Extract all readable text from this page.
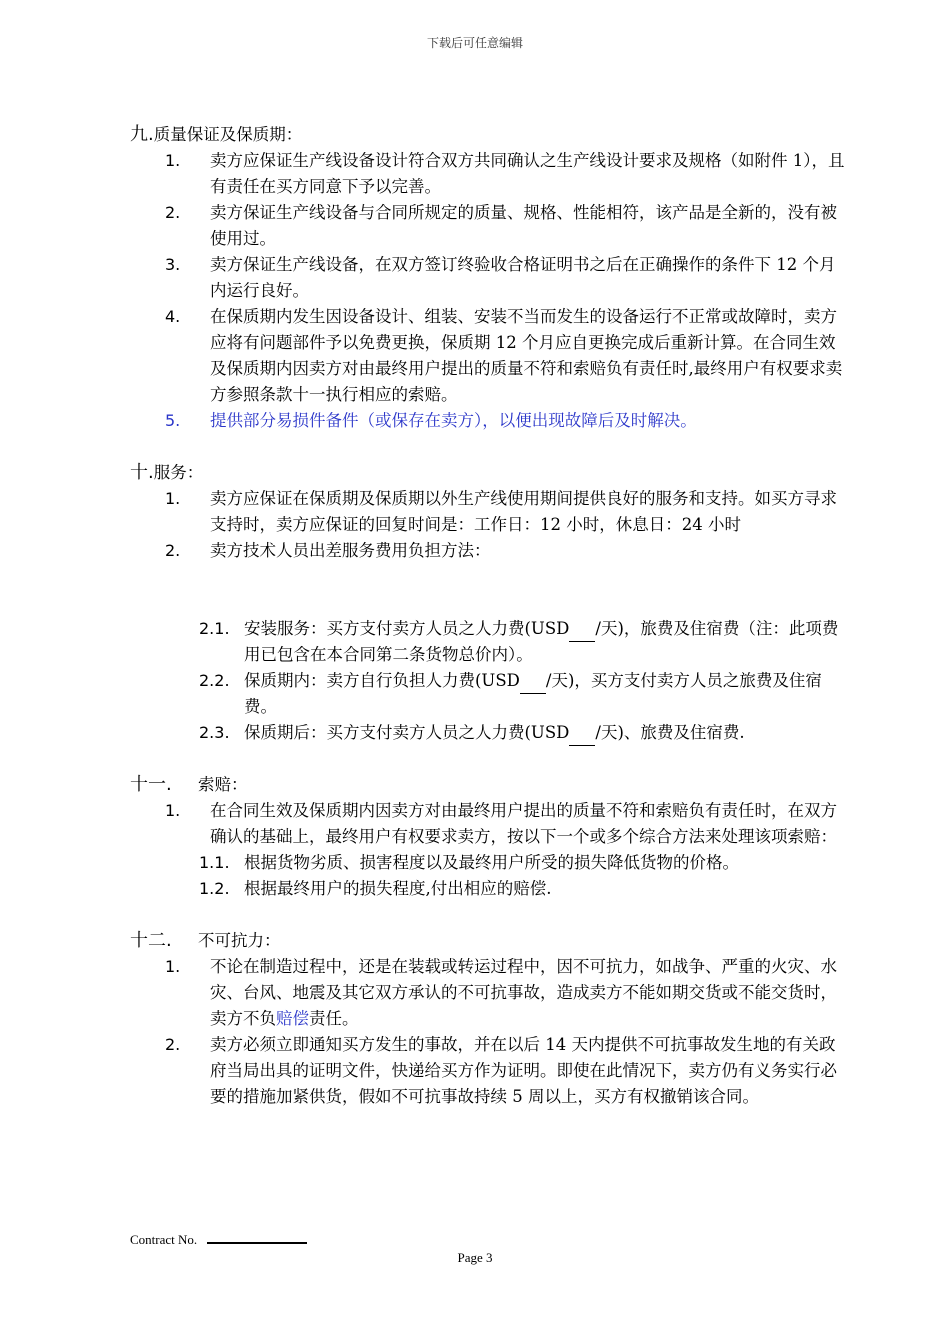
下载后可任意编辑
九.质量保证及保质期：
1.	卖方应保证生产线设备设计符合双方共同确认之生产线设计要求及规格（如附件 1），且有责任在买方同意下予以完善。
2.	卖方保证生产线设备与合同所规定的质量、规格、性能相符，该产品是全新的，没有被使用过。
3.	卖方保证生产线设备，在双方签订终验收合格证明书之后在正确操作的条件下 12 个月内运行良好。
4.	在保质期内发生因设备设计、组装、安装不当而发生的设备运行不正常或故障时，卖方应将有问题部件予以免费更换，保质期 12 个月应自更换完成后重新计算。在合同生效及保质期内因卖方对由最终用户提出的质量不符和索赔负有责任时,最终用户有权要求卖方参照条款十一执行相应的索赔。
5.	提供部分易损件备件（或保存在卖方），以便出现故障后及时解决。
十.服务：
1.	卖方应保证在保质期及保质期以外生产线使用期间提供良好的服务和支持。如买方寻求支持时，卖方应保证的回复时间是：工作日：12 小时，休息日：24 小时
2.	卖方技术人员出差服务费用负担方法：
2.1. 安装服务：买方支付卖方人员之人力费(USD /天)，旅费及住宿费（注：此项费用已包含在本合同第二条货物总价内）。
2.2. 保质期内：卖方自行负担人力费(USD /天)，买方支付卖方人员之旅费及住宿费。
2.3. 保质期后：买方支付卖方人员之人力费(USD /天)、旅费及住宿费.
十一. 索赔：
1.	在合同生效及保质期内因卖方对由最终用户提出的质量不符和索赔负有责任时，在双方确认的基础上，最终用户有权要求卖方，按以下一个或多个综合方法来处理该项索赔：
1.1. 根据货物劣质、损害程度以及最终用户所受的损失降低货物的价格。
1.2. 根据最终用户的损失程度,付出相应的赔偿.
十二. 不可抗力：
1.	不论在制造过程中，还是在装载或转运过程中，因不可抗力，如战争、严重的火灾、水灾、台风、地震及其它双方承认的不可抗事故，造成卖方不能如期交货或不能交货时，卖方不负赔偿责任。
2.	卖方必须立即通知买方发生的事故，并在以后 14 天内提供不可抗事故发生地的有关政府当局出具的证明文件，快递给买方作为证明。即使在此情况下，卖方仍有义务实行必要的措施加紧供货，假如不可抗事故持续 5 周以上，买方有权撤销该合同。
Contract No.
Page 3
